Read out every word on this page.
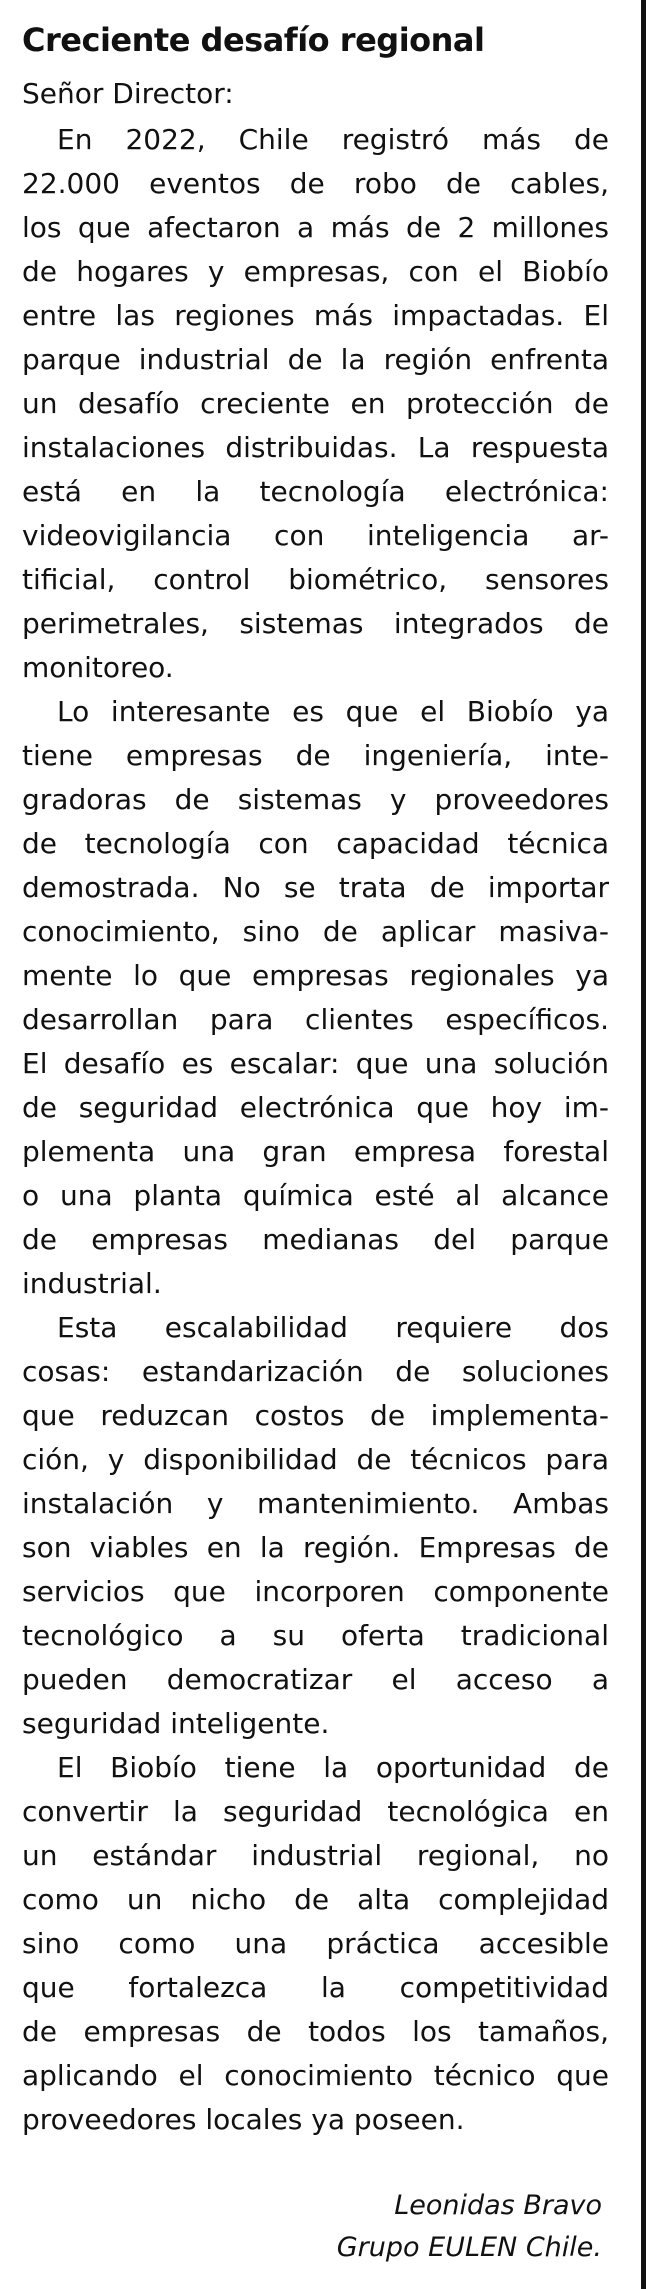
Creciente desafío regional

Señor Director:

En 2022, Chile registró más de
22.000 eventos de robo de cables,
los que afectaron a más de 2 millones
de hogares y empresas, con el Biobío
entre las regiones más impactadas. El
parque industrial de la región enfrenta
un desafío creciente en protección de
instalaciones distribuidas. La respuesta
está en la tecnología electrónica:
videovigilancia con inteligencia ar-
tificial, control biométrico, sensores
perimetrales, sistemas integrados de
monitoreo.
Lo interesante es que el Biobío ya
tiene empresas de ingeniería, inte-
gradoras de sistemas y proveedores
de tecnología con capacidad técnica
demostrada. No se trata de importar
conocimiento, sino de aplicar masiva-
mente lo que empresas regionales ya
desarrollan para clientes específicos.
El desafío es escalar: que una solución
de seguridad electrónica que hoy im-
plementa una gran empresa forestal
o una planta química esté al alcance
de empresas medianas del parque
industrial.
Esta escalabilidad requiere dos
cosas: estandarización de soluciones
que reduzcan costos de implementa-
ción, y disponibilidad de técnicos para
instalación y mantenimiento. Ambas
son viables en la región. Empresas de
servicios que incorporen componente
tecnológico a su oferta tradicional
pueden democratizar el acceso a
seguridad inteligente.
El Biobío tiene la oportunidad de
convertir la seguridad tecnológica en
un estándar industrial regional, no
como un nicho de alta complejidad
sino como una práctica accesible
que fortalezca la competitividad
de empresas de todos los tamaños,
aplicando el conocimiento técnico que
proveedores locales ya poseen.
Leonidas Bravo
Grupo EULEN Chile.
